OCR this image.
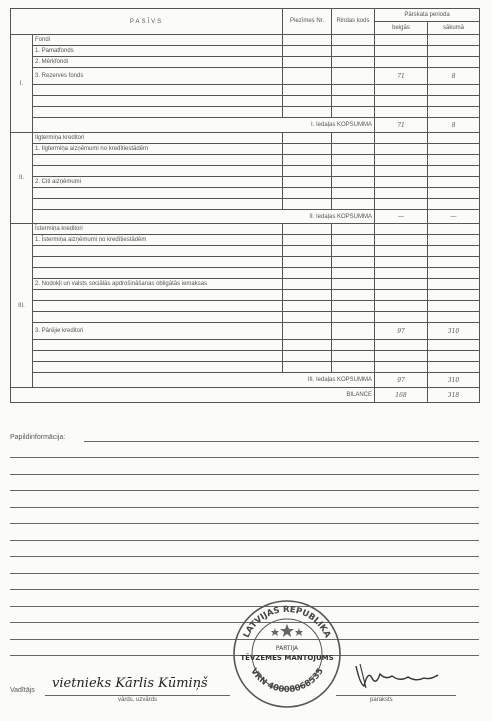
PASĪVS		Piezīmes Nr.	Rindas kods	Pārskata perioda	
				beigās	sākumā
I.	Fondi				
	1. Pamatfonds				
	2. Mērķfondi				
	3. Rezerves fonds			71	8

	I. Iedaļas KOPSUMMA			71	8
II.	Ilgtermiņa kreditori				
	1. Ilgtermiņa aizņēmumi no kredītiestādēm				

	2. Citi aizņēmumi				

	II. Iedaļas KOPSUMMA			—	—
III.	Īstermiņa kreditori				
	1. Īstermiņa aizņēmumi no kredītiestādēm				

	2. Nodokļi un valsts sociālās apdrošināšanas obligātās iemaksas				

	3. Pārējie kreditori			97	310

	III. Iedaļas KOPSUMMA			97	310
BILANCE				168	318
Papildinformācija:
LATVIJAS REPUBLIKA
VRN 40008068535
PARTIJA
TĒVZEMES MANTOJUMS
Vadītājs vietnieks Kārlis Kūmiņš
vārds, uzvārds	paraksts
